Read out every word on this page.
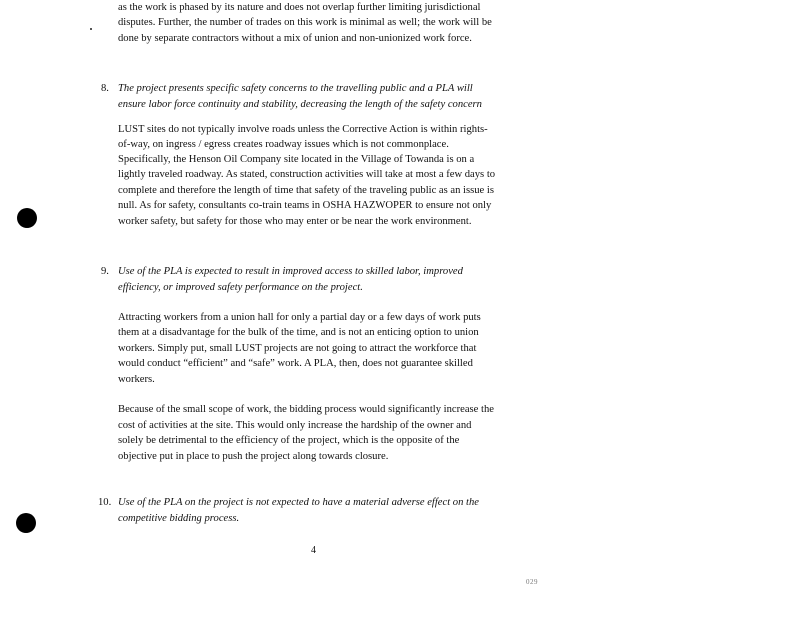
as the work is phased by its nature and does not overlap further limiting jurisdictional
disputes. Further, the number of trades on this work is minimal as well; the work will be
done by separate contractors without a mix of union and non-unionized work force.
8. The project presents specific safety concerns to the travelling public and a PLA will
ensure labor force continuity and stability, decreasing the length of the safety concern
LUST sites do not typically involve roads unless the Corrective Action is within rights-
of-way, on ingress / egress creates roadway issues which is not commonplace.
Specifically, the Henson Oil Company site located in the Village of Towanda is on a
lightly traveled roadway. As stated, construction activities will take at most a few days to
complete and therefore the length of time that safety of the traveling public as an issue is
null. As for safety, consultants co-train teams in OSHA HAZWOPER to ensure not only
worker safety, but safety for those who may enter or be near the work environment.
9. Use of the PLA is expected to result in improved access to skilled labor, improved
efficiency, or improved safety performance on the project.
Attracting workers from a union hall for only a partial day or a few days of work puts
them at a disadvantage for the bulk of the time, and is not an enticing option to union
workers. Simply put, small LUST projects are not going to attract the workforce that
would conduct “efficient” and “safe” work. A PLA, then, does not guarantee skilled
workers.
Because of the small scope of work, the bidding process would significantly increase the
cost of activities at the site. This would only increase the hardship of the owner and
solely be detrimental to the efficiency of the project, which is the opposite of the
objective put in place to push the project along towards closure.
10. Use of the PLA on the project is not expected to have a material adverse effect on the
competitive bidding process.
4
029
